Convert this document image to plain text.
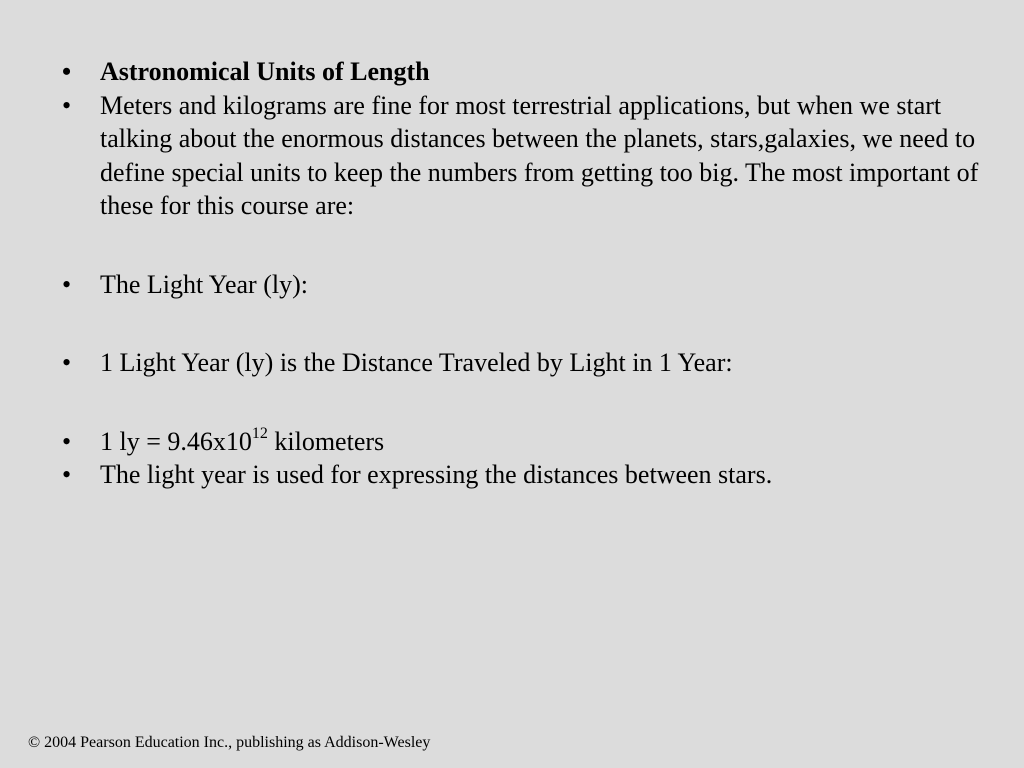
• Astronomical Units of Length
• Meters and kilograms are fine for most terrestrial applications, but when we start talking about the enormous distances between the planets, stars,galaxies, we need to define special units to keep the numbers from getting too big. The most important of these for this course are:
• The Light Year (ly):
• 1 Light Year (ly) is the Distance Traveled by Light in 1 Year:
• 1 ly = $9.46x10^{12}$ kilometers
• The light year is used for expressing the distances between stars.
© 2004 Pearson Education Inc., publishing as Addison-Wesley
